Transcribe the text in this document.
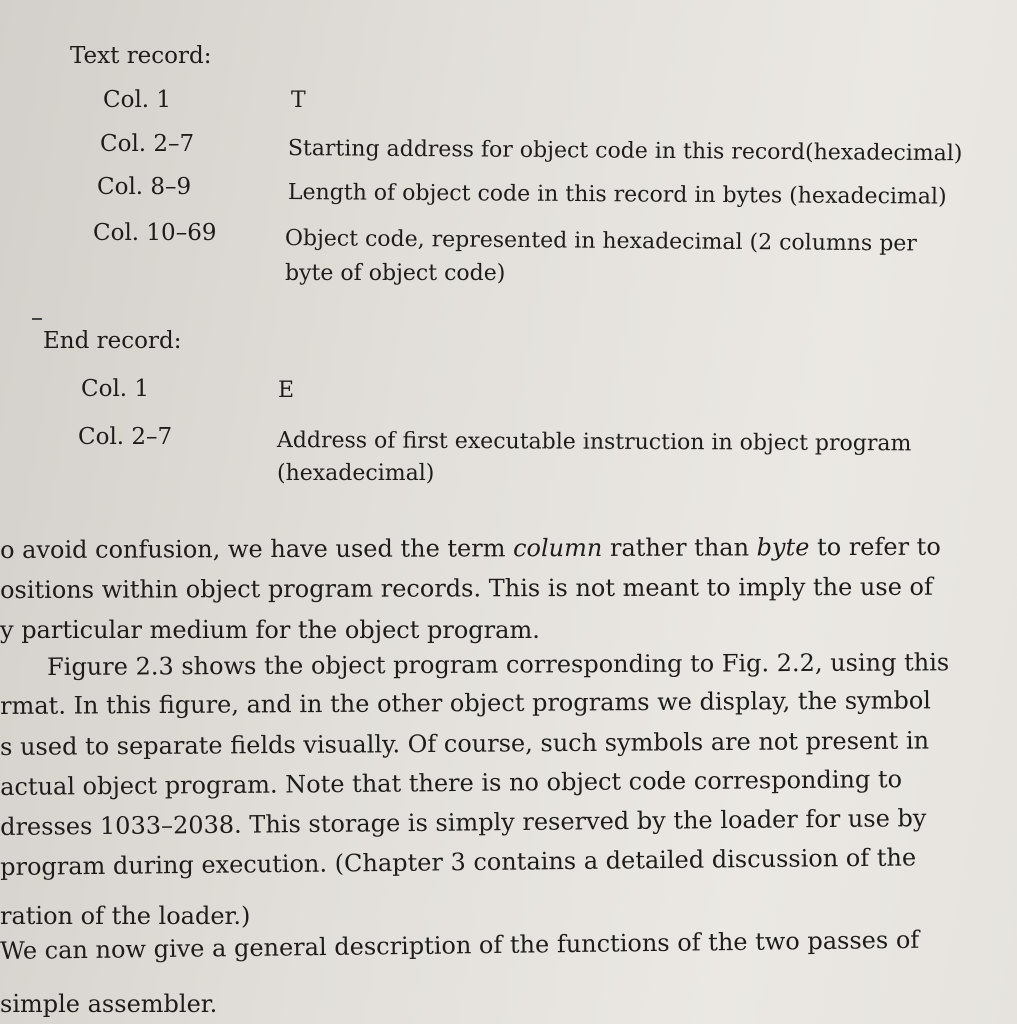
Text record:
Col. 1	T
Col. 2–7	Starting address for object code in this record(hexadecimal)
Col. 8–9	Length of object code in this record in bytes (hexadecimal)
Col. 10–69	Object code, represented in hexadecimal (2 columns per
byte of object code)
End record:
Col. 1	E
Col. 2–7	Address of first executable instruction in object program
(hexadecimal)
o avoid confusion, we have used the term column rather than byte to refer to
ositions within object program records. This is not meant to imply the use of
y particular medium for the object program.
Figure 2.3 shows the object program corresponding to Fig. 2.2, using this
rmat. In this figure, and in the other object programs we display, the symbol
s used to separate fields visually. Of course, such symbols are not present in
actual object program. Note that there is no object code corresponding to
dresses 1033–2038. This storage is simply reserved by the loader for use by
program during execution. (Chapter 3 contains a detailed discussion of the
ration of the loader.)
We can now give a general description of the functions of the two passes of
simple assembler.
